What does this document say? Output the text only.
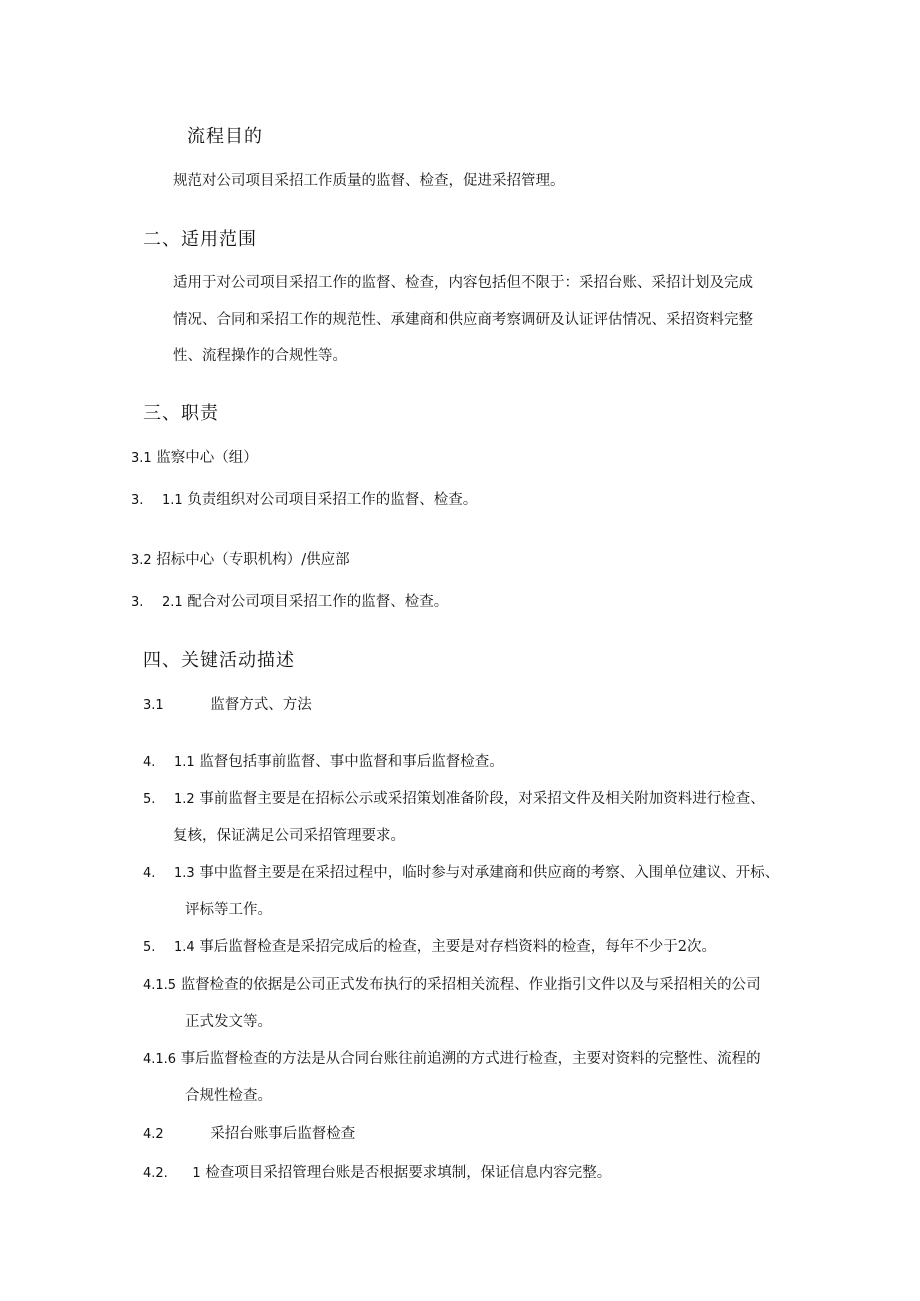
流程目的
规范对公司项目采招工作质量的监督、检查，促进采招管理。
二、适用范围
适用于对公司项目采招工作的监督、检查，内容包括但不限于：采招台账、采招计划及完成
情况、合同和采招工作的规范性、承建商和供应商考察调研及认证评估情况、采招资料完整
性、流程操作的合规性等。
三、职责
3.1 监察中心（组）
3. 1.1 负责组织对公司项目采招工作的监督、检查。
3.2 招标中心（专职机构）/供应部
3. 2.1 配合对公司项目采招工作的监督、检查。
四、关键活动描述
3.1	监督方式、方法
4. 1.1 监督包括事前监督、事中监督和事后监督检查。
5. 1.2 事前监督主要是在招标公示或采招策划准备阶段，对采招文件及相关附加资料进行检查、
复核，保证满足公司采招管理要求。
4. 1.3 事中监督主要是在采招过程中，临时参与对承建商和供应商的考察、入围单位建议、开标、
评标等工作。
5. 1.4 事后监督检查是采招完成后的检查，主要是对存档资料的检查，每年不少于2次。
4.1.5 监督检查的依据是公司正式发布执行的采招相关流程、作业指引文件以及与采招相关的公司
正式发文等。
4.1.6 事后监督检查的方法是从合同台账往前追溯的方式进行检查，主要对资料的完整性、流程的
合规性检查。
4.2	采招台账事后监督检查
4.2. 1 检查项目采招管理台账是否根据要求填制，保证信息内容完整。
